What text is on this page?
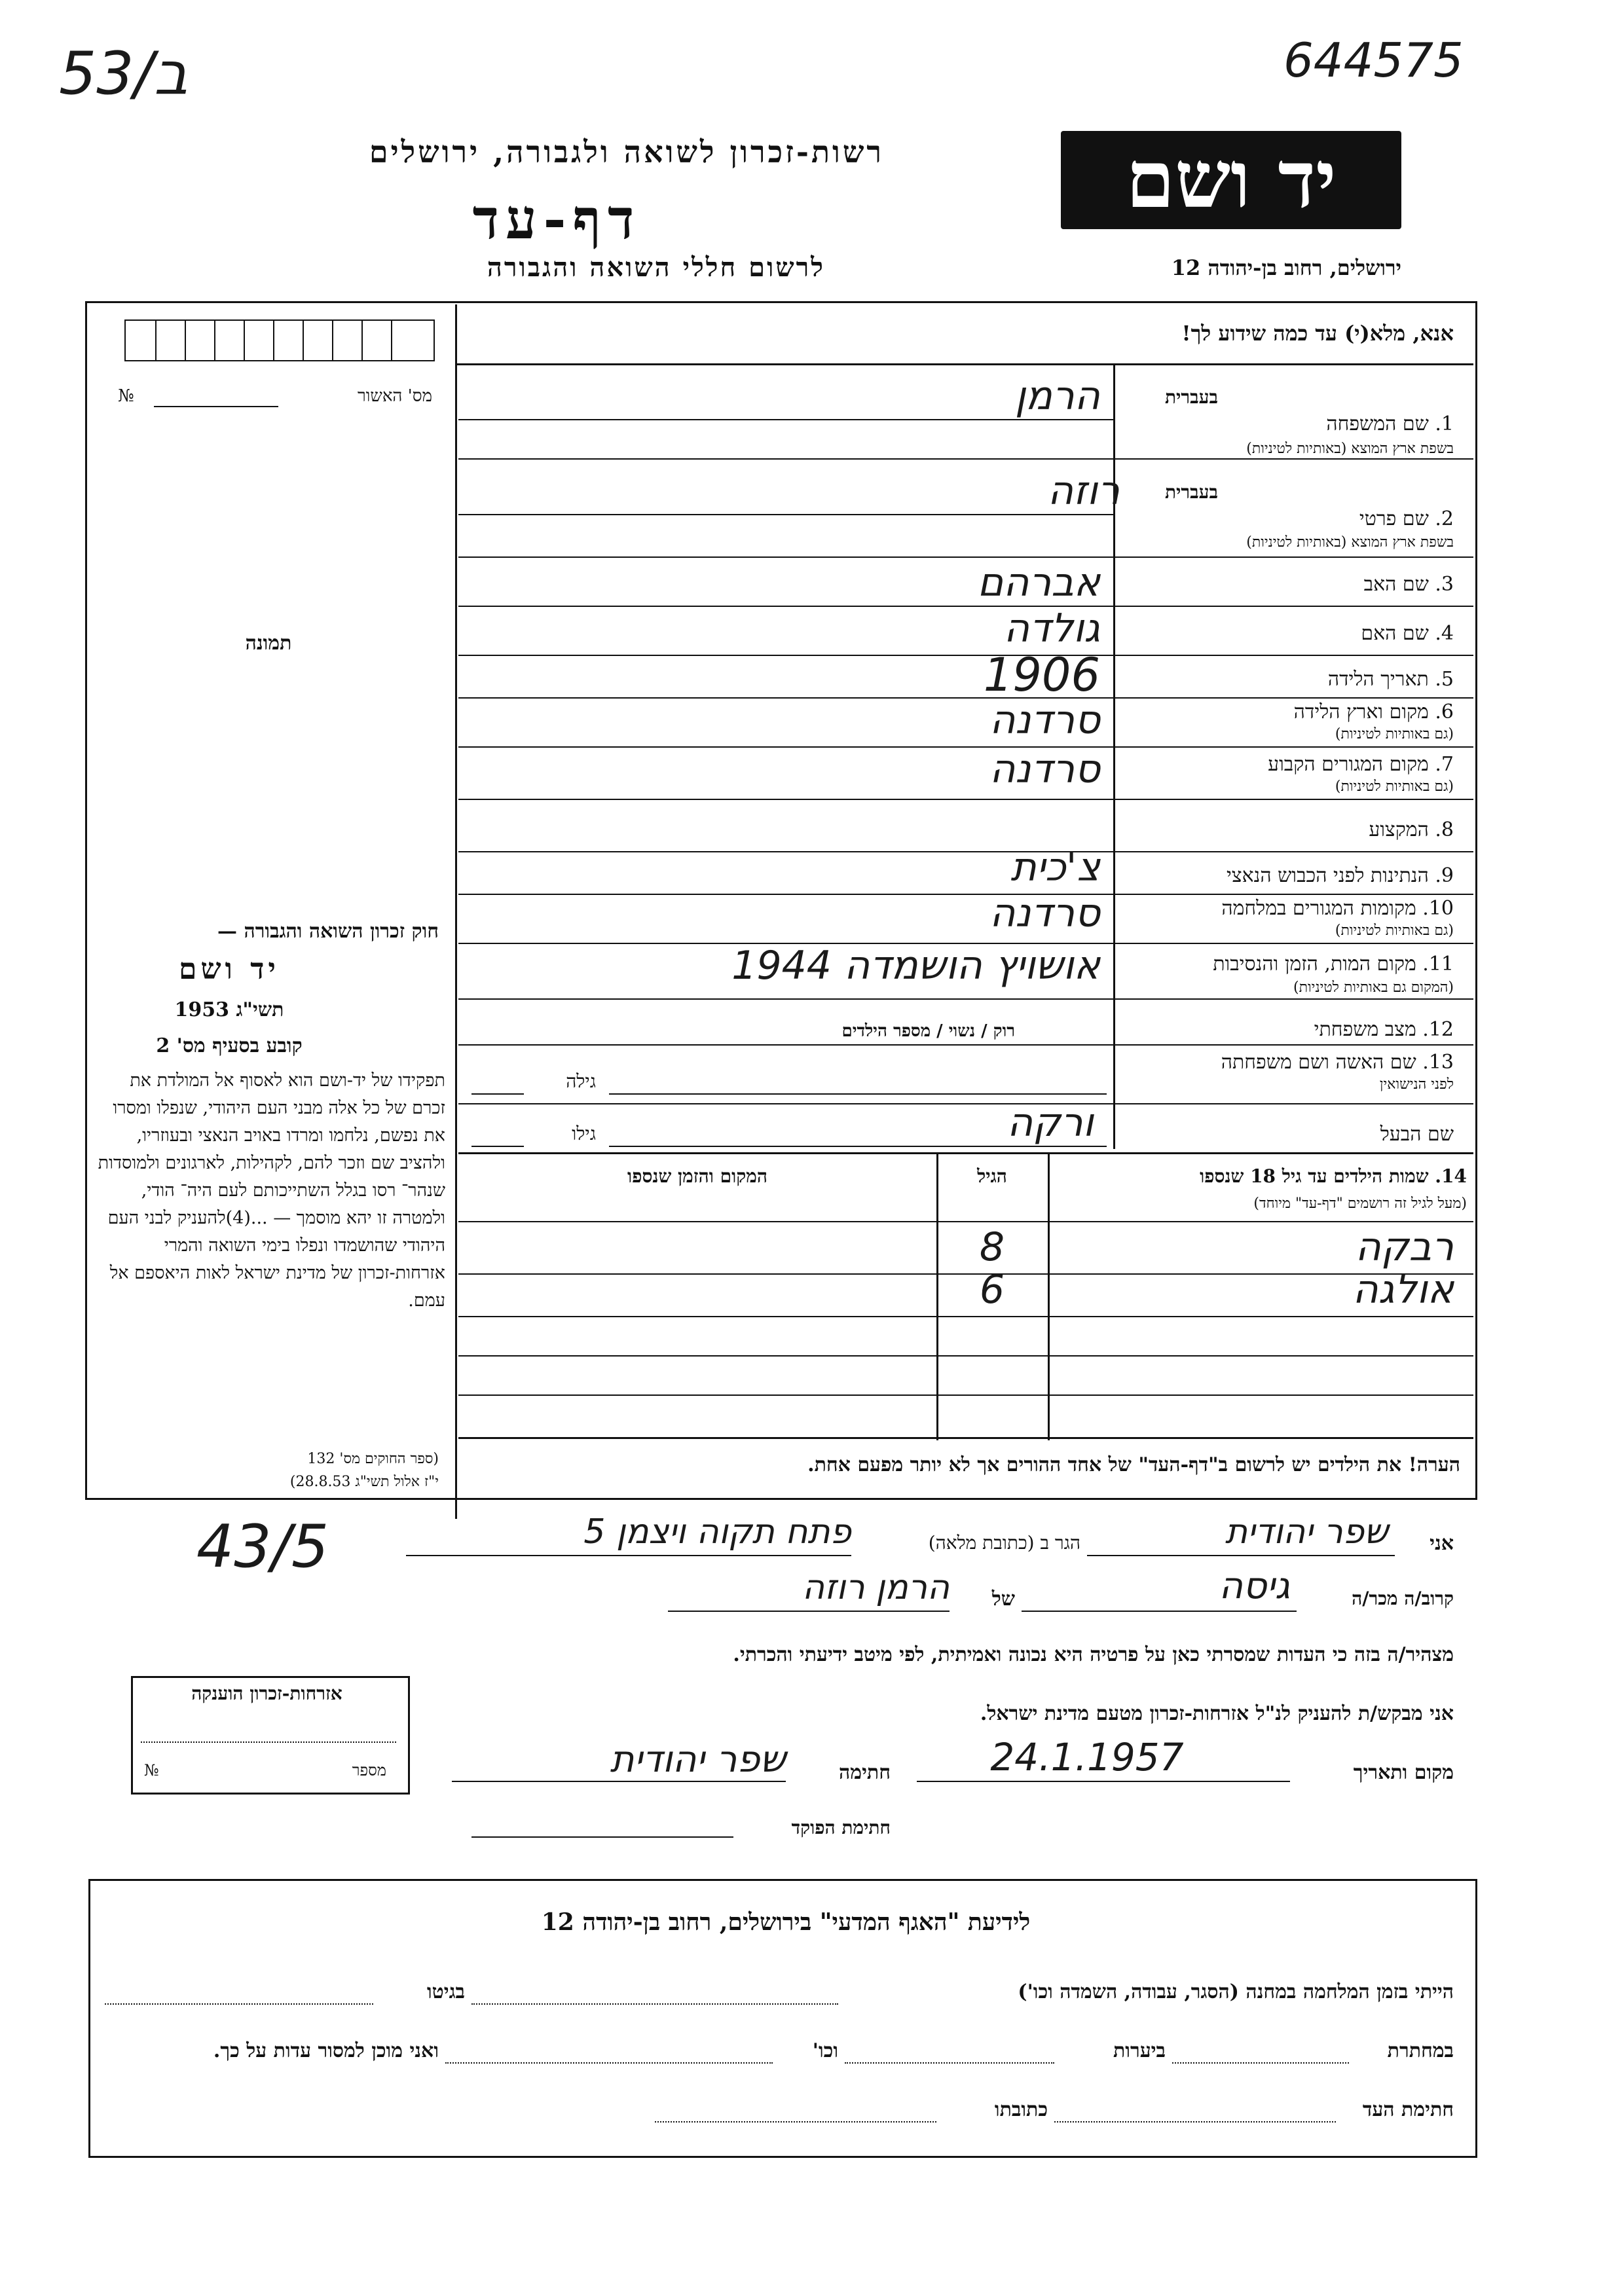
53/ב	644575
רשות-זכרון לשואה ולגבורה, ירושלים
דף-עד
לרשום חללי השואה והגבורה
יד ושם
ירושלים, רחוב בן-יהודה 12
מס' האשור
№
תמונה
חוק זכרון השואה והגבורה —
יד ושם
תשי"ג 1953
קובע בסעיף מס' 2
תפקידו של יד-ושם הוא לאסוף אל המולדת את זכרם של כל אלה מבני העם היהודי, שנפלו ומסרו את נפשם, נלחמו ומרדו באויב הנאצי ובעוזריו, ולהציב שם וזכר להם, לקהילות, לארגונים ולמוסדות שנהר־ רסו בגלל השתייכותם לעם היה־ הודי, ולמטרה זו יהא מוסמך — ...(4)להעניק לבני העם היהודי שהושמדו ונפלו בימי השואה והמרי אזרחות-זכרון של מדינת ישראל לאות היאספם אל עמם.
(ספר החוקים מס' 132
י"ז אלול תשי"ג 28.8.53)
אנא, מלא(י) עד כמה שידוע לך!
בעברית
1. שם המשפחה
בשפת ארץ המוצא (באותיות לטיניות)
הרמן
בעברית
2. שם פרטי
בשפת ארץ המוצא (באותיות לטיניות)
רוזה
3. שם האב
אברהם
4. שם האם
גולדה
5. תאריך הלידה
1906
6. מקום וארץ הלידה
(גם באותיות לטיניות)
סרדנה
7. מקום המגורים הקבוע
(גם באותיות לטיניות)
סרדנה
8. המקצוע
9. הנתינות לפני הכבוש הנאצי
צ'כית
10. מקומות המגורים במלחמה
(גם באותיות לטיניות)
סרדנה
11. מקום המות, הזמן והנסיבות
(המקום גם באותיות לטיניות)
אושויץ הושמדה 1944
12. מצב משפחתי
רוק / נשוי / מספר הילדים
13. שם האשה ושם משפחתה
לפני הנישואין
גילה
שם הבעל
ורקה
גילו
14. שמות הילדים עד גיל 18 שנספו
(מעל לגיל זה רושמים "דף-עד" מיוחד)
הגיל
המקום והזמן שנספו
רבקה
8
אולגה
6
הערה! את הילדים יש לרשום ב"דף-העד" של אחד ההורים אך לא יותר מפעם אחת.
43/5	אני
שפר יהודית
הגר ב (כתובת מלאה)
פתח תקוה ויצמן 5
קרוב/ה מכר/ה
גיסה
של
הרמן רוזה
מצהיר/ה בזה כי העדות שמסרתי כאן על פרטיה היא נכונה ואמיתית, לפי מיטב ידיעתי והכרתי.
אני מבקש/ת להעניק לנ"ל אזרחות-זכרון מטעם מדינת ישראל.
מקום ותאריך
24.1.1957
חתימה
שפר יהודית
חתימת הפוקד
אזרחות-זכרון הוענקה
מספר
№
לידיעת "האגף המדעי" בירושלים, רחוב בן-יהודה 12
הייתי בזמן המלחמה במחנה (הסגר, עבודה, השמדה וכו')
בגיטו
במחתרת
ביערות
וכו'
ואני מוכן למסור עדות על כך.
חתימת העד
כתובתו
